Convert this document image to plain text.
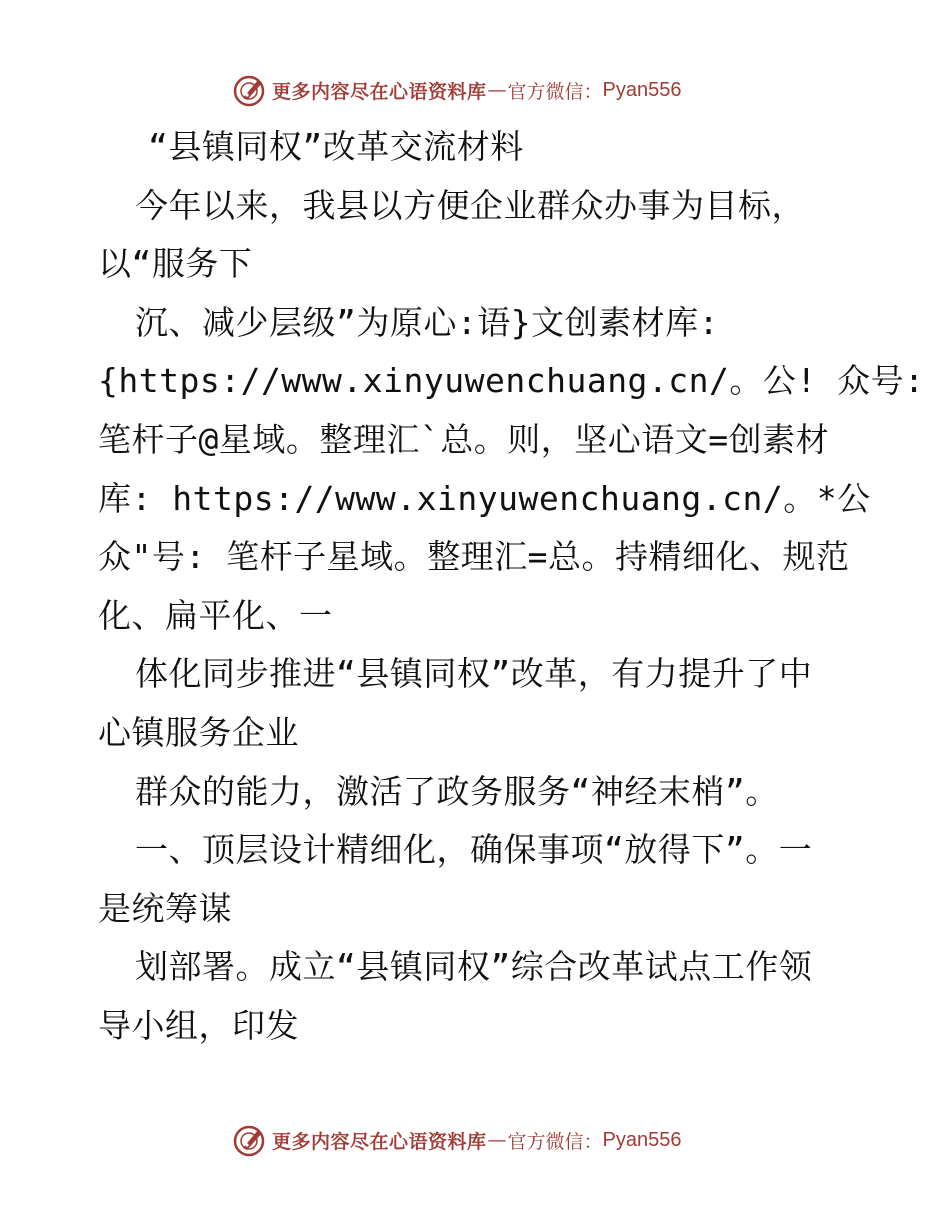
更多内容尽在心语资料库 — 官方微信： Pyan556
“县镇同权”改革交流材料
今年以来，我县以方便企业群众办事为目标，
以“服务下
沉、减少层级”为原心:语}文创素材库:
{https://www.xinyuwenchuang.cn/。公! 众号:
笔杆子@星域。整理汇`总。则，坚心语文=创素材
库: https://www.xinyuwenchuang.cn/。*公
众"号: 笔杆子星域。整理汇=总。持精细化、规范
化、扁平化、一
体化同步推进“县镇同权”改革，有力提升了中
心镇服务企业
群众的能力，激活了政务服务“神经末梢”。
一、顶层设计精细化，确保事项“放得下”。一
是统筹谋
划部署。成立“县镇同权”综合改革试点工作领
导小组，印发
更多内容尽在心语资料库 — 官方微信： Pyan556
